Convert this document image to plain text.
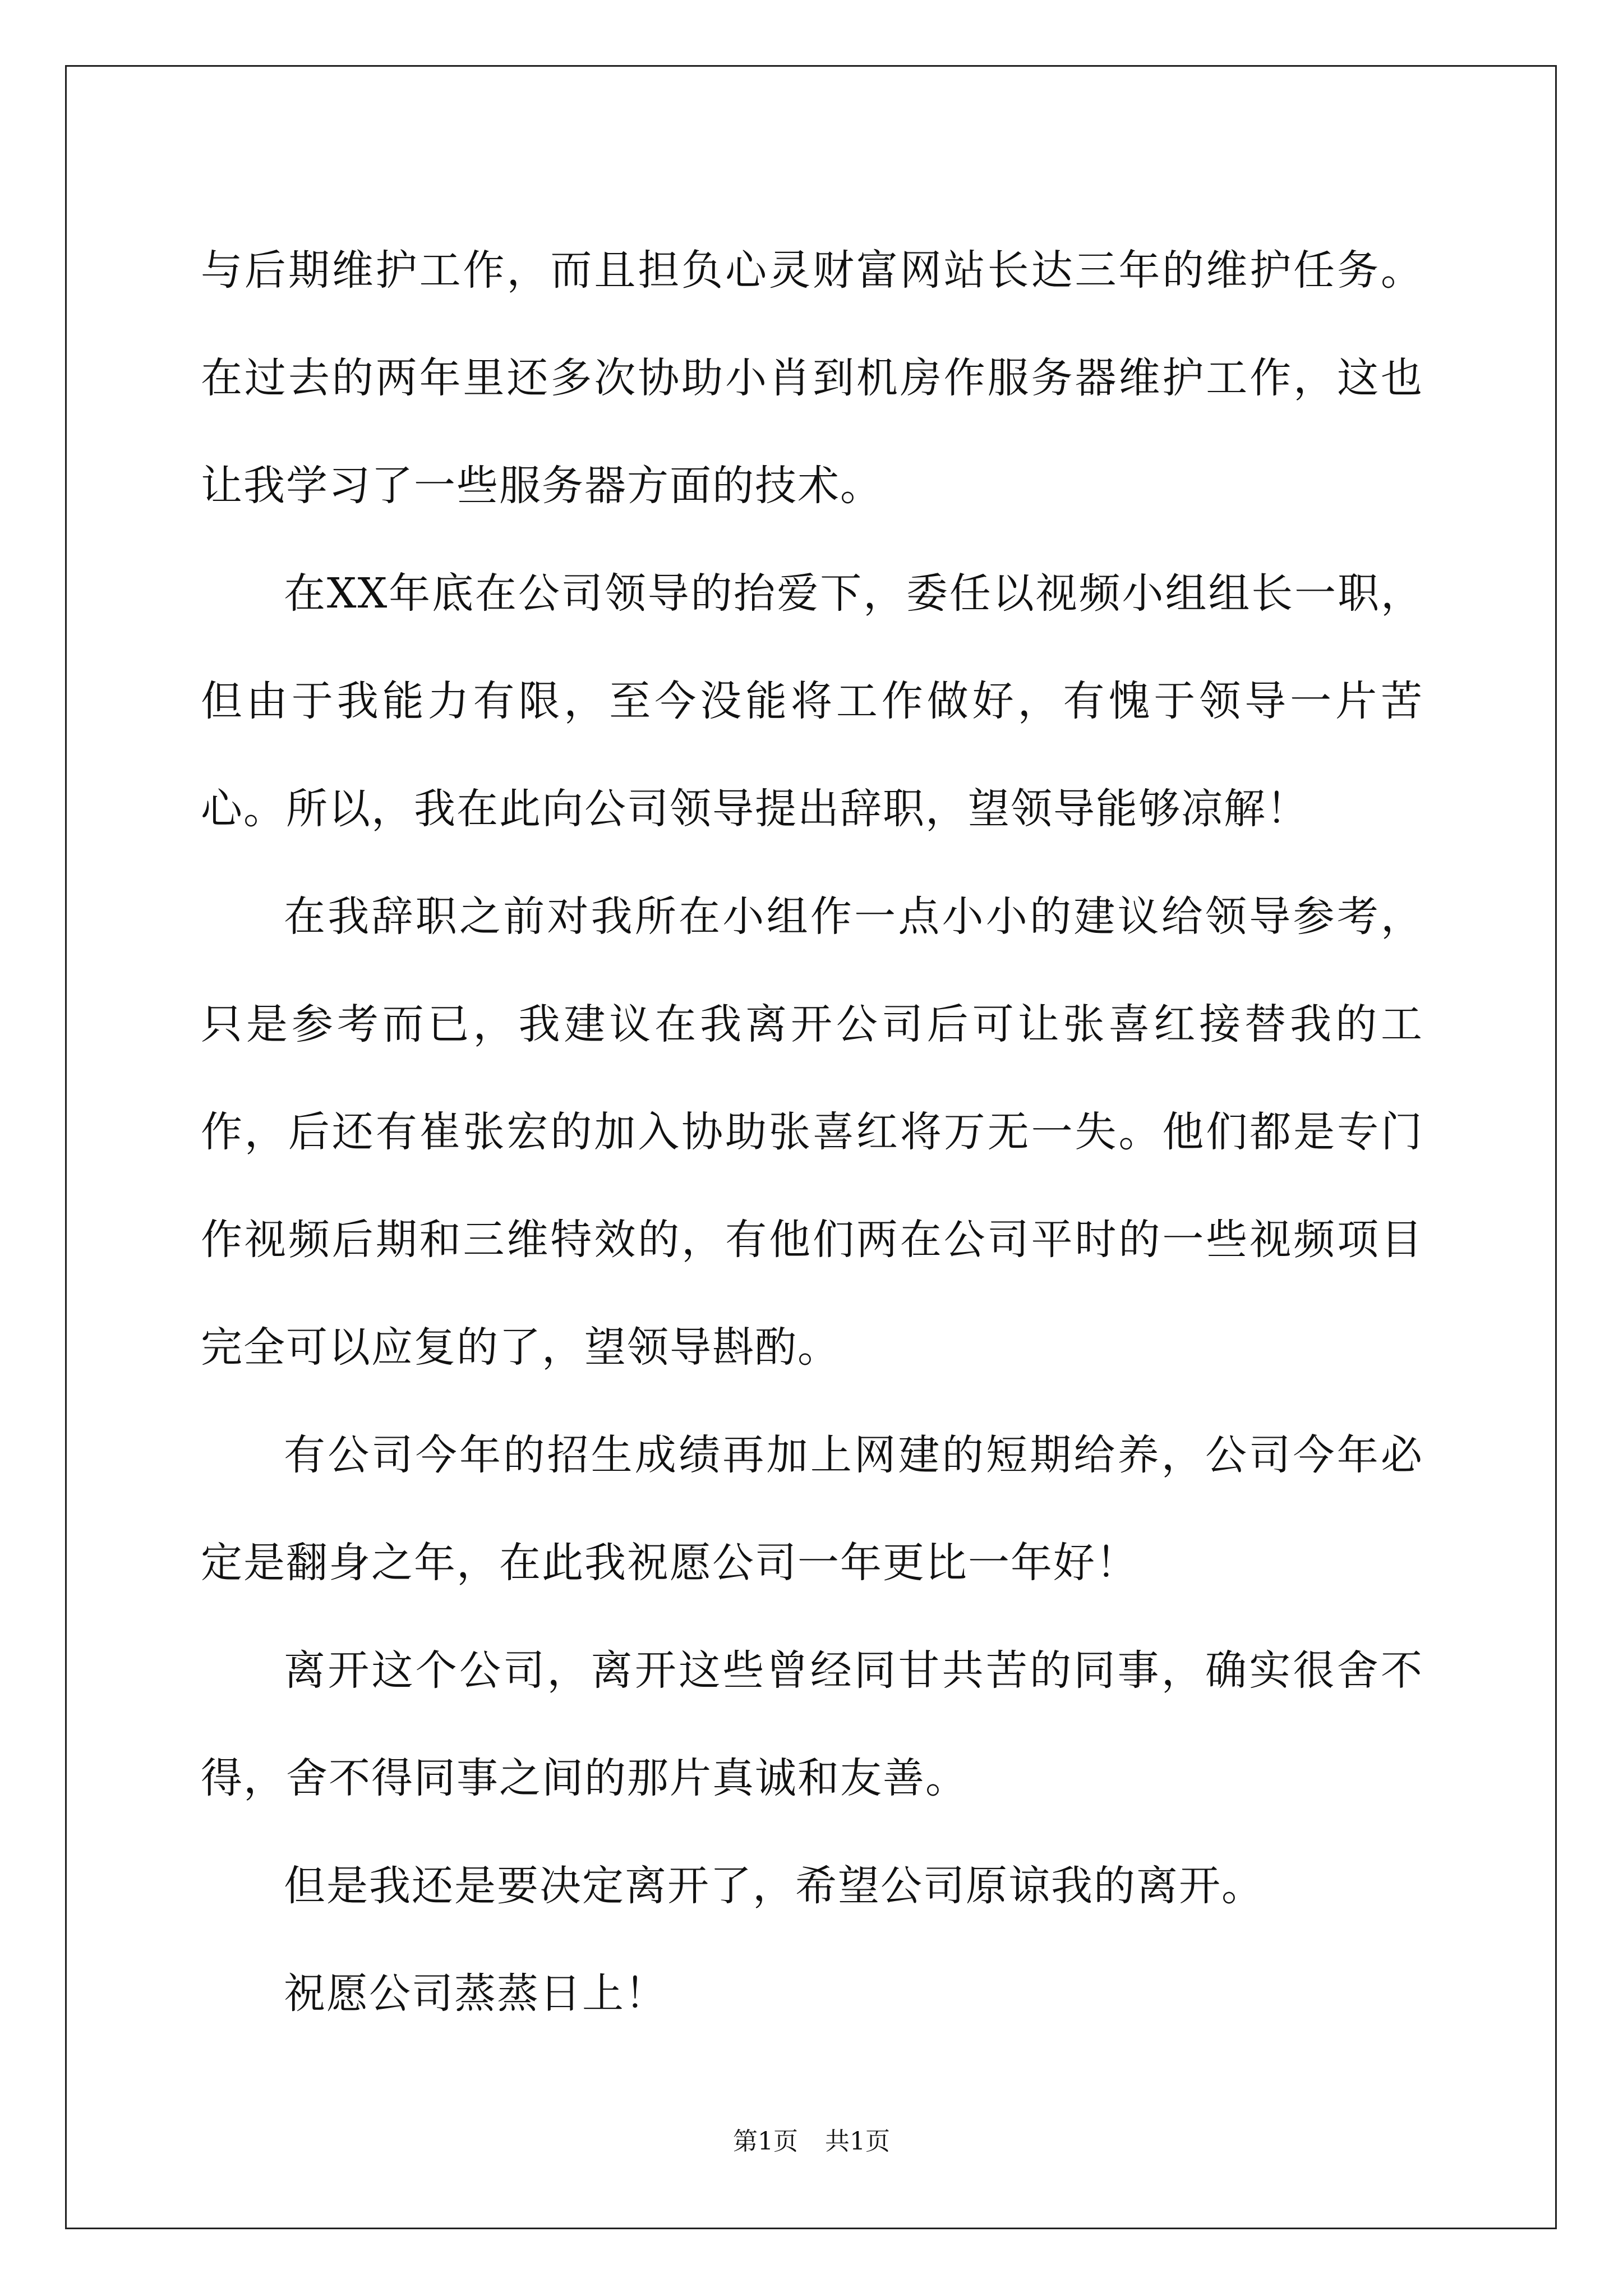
与后期维护工作，而且担负心灵财富网站长达三年的维护任务。在过去的两年里还多次协助小肖到机房作服务器维护工作，这也让我学习了一些服务器方面的技术。

在XX年底在公司领导的抬爱下，委任以视频小组组长一职，但由于我能力有限，至今没能将工作做好，有愧于领导一片苦心。所以，我在此向公司领导提出辞职，望领导能够凉解！

在我辞职之前对我所在小组作一点小小的建议给领导参考，只是参考而已，我建议在我离开公司后可让张喜红接替我的工作，后还有崔张宏的加入协助张喜红将万无一失。他们都是专门作视频后期和三维特效的，有他们两在公司平时的一些视频项目完全可以应复的了，望领导斟酌。

有公司今年的招生成绩再加上网建的短期给养，公司今年必定是翻身之年，在此我祝愿公司一年更比一年好！

离开这个公司，离开这些曾经同甘共苦的同事，确实很舍不得，舍不得同事之间的那片真诚和友善。

但是我还是要决定离开了，希望公司原谅我的离开。

祝愿公司蒸蒸日上！

第1页 共1页
